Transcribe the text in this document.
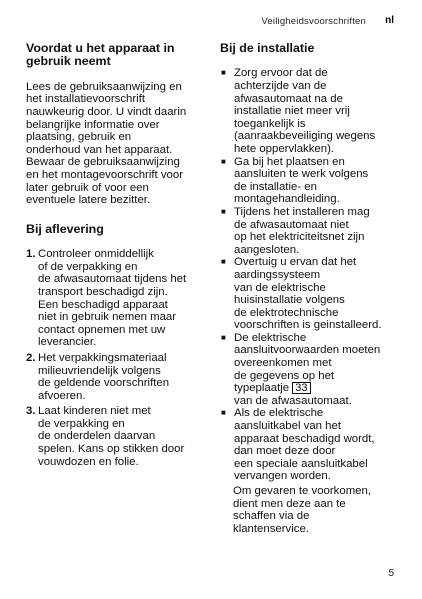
Veiligheidsvoorschriften nl
Voordat u het apparaat in
gebruik neemt

Lees de gebruiksaanwijzing en
het installatievoorschrift
nauwkeurig door. U vindt daarin
belangrijke informatie over
plaatsing, gebruik en
onderhoud van het apparaat.

Bewaar de gebruiksaanwijzing
en het montagevoorschrift voor
later gebruik of voor een
eventuele latere bezitter.

Bij aflevering
1. Controleer onmiddellijk
of de verpakking en
de afwasautomaat tijdens het
transport beschadigd zijn.
Een beschadigd apparaat
niet in gebruik nemen maar
contact opnemen met uw
leverancier.
2. Het verpakkingsmateriaal
milieuvriendelijk volgens
de geldende voorschriften
afvoeren.
3. Laat kinderen niet met
de verpakking en
de onderdelen daarvan
spelen. Kans op stikken door
vouwdozen en folie.
Bij de installatie
■ Zorg ervoor dat de
achterzijde van de
afwasautomaat na de
installatie niet meer vrij
toegankelijk is
(aanraakbeveiliging wegens
hete oppervlakken).
■ Ga bij het plaatsen en
aansluiten te werk volgens
de installatie- en
montagehandleiding.
■ Tijdens het installeren mag
de afwasautomaat niet
op het elektriciteitsnet zijn
aangesloten.
■ Overtuig u ervan dat het
aardingssysteem
van de elektrische
huisinstallatie volgens
de elektrotechnische
voorschriften is geinstalleerd.
■ De elektrische
aansluitvoorwaarden moeten
overeenkomen met
de gegevens op het
typeplaatje 33
van de afwasautomaat.
■ Als de elektrische
aansluitkabel van het
apparaat beschadigd wordt,
dan moet deze door
een speciale aansluitkabel
vervangen worden.
Om gevaren te voorkomen,
dient men deze aan te
schaffen via de
klantenservice.
5
